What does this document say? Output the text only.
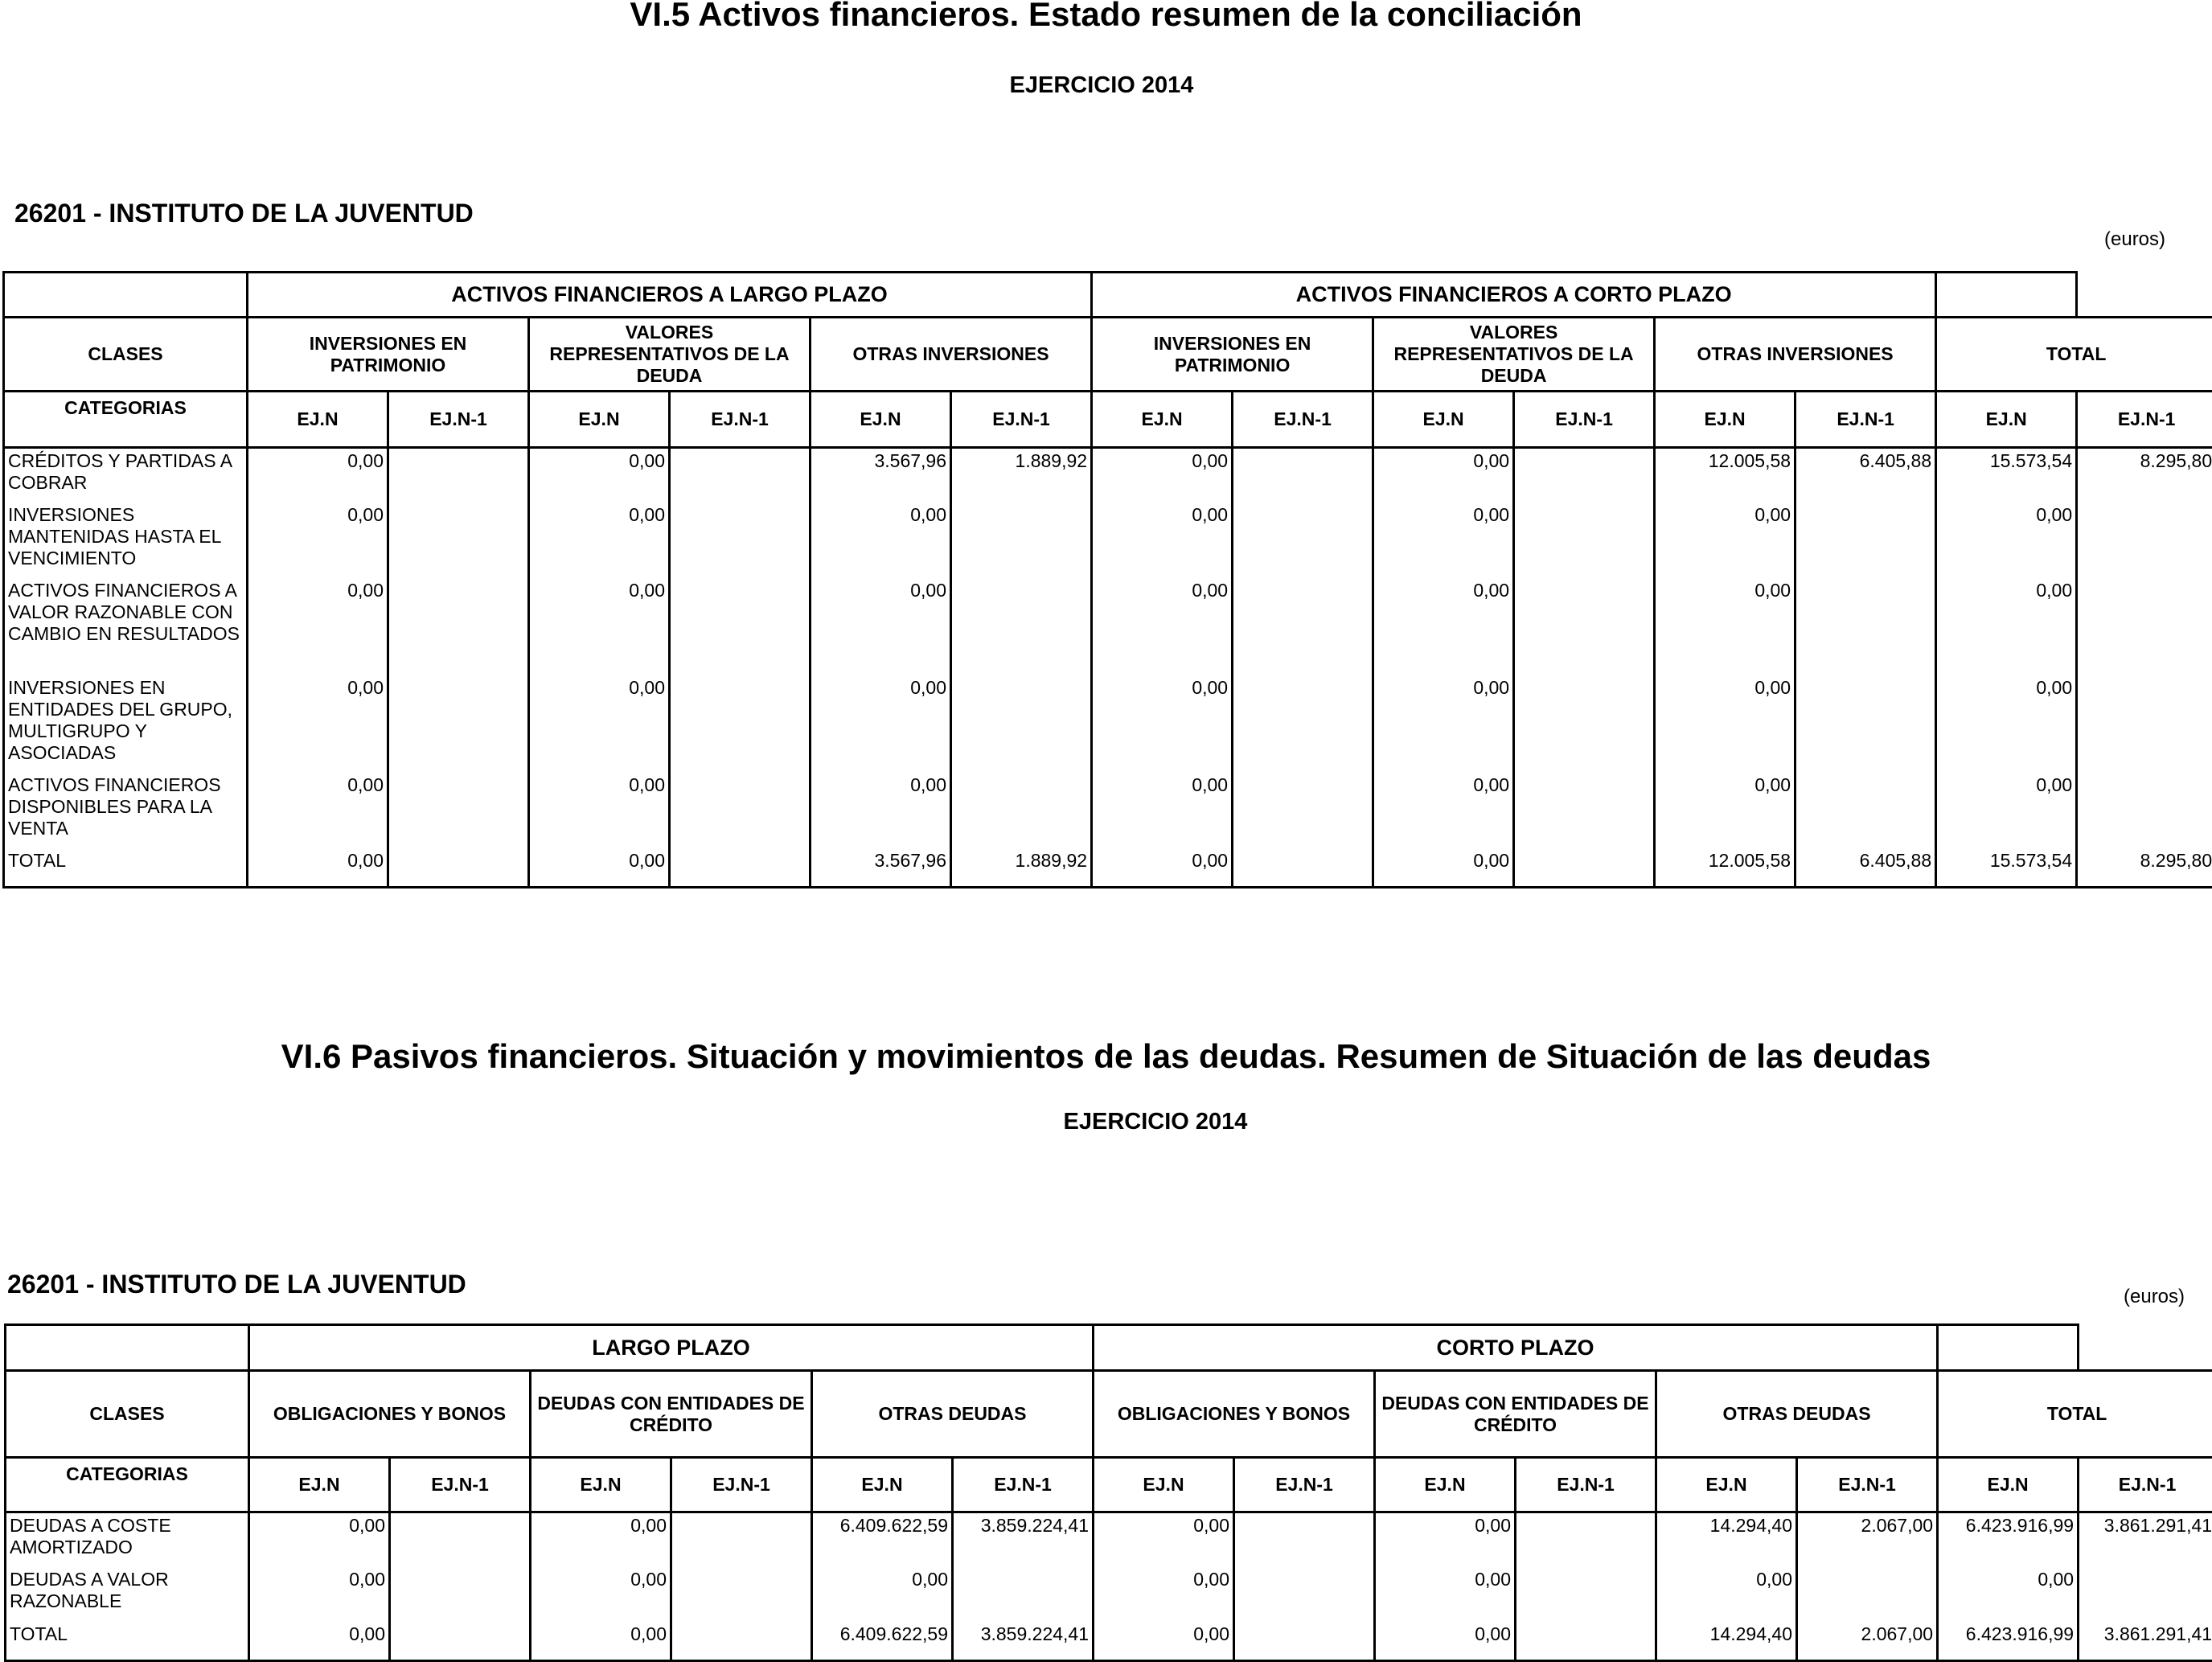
VI.5 Activos financieros. Estado resumen de la conciliación
EJERCICIO 2014
26201 - INSTITUTO DE LA JUVENTUD
(euros)
	ACTIVOS FINANCIEROS A LARGO PLAZO						ACTIVOS FINANCIEROS A CORTO PLAZO							
CLASES	INVERSIONES EN PATRIMONIO		VALORES REPRESENTATIVOS DE LA DEUDA		OTRAS INVERSIONES		INVERSIONES EN PATRIMONIO		VALORES REPRESENTATIVOS DE LA DEUDA		OTRAS INVERSIONES		TOTAL	
CATEGORIAS	EJ.N	EJ.N-1	EJ.N	EJ.N-1	EJ.N	EJ.N-1	EJ.N	EJ.N-1	EJ.N	EJ.N-1	EJ.N	EJ.N-1	EJ.N	EJ.N-1
CRÉDITOS Y PARTIDAS A COBRAR	0,00		0,00		3.567,96	1.889,92	0,00		0,00		12.005,58	6.405,88	15.573,54	8.295,80
INVERSIONES MANTENIDAS HASTA EL VENCIMIENTO	0,00		0,00		0,00		0,00		0,00		0,00		0,00	
ACTIVOS FINANCIEROS A VALOR RAZONABLE CON CAMBIO EN RESULTADOS	0,00		0,00		0,00		0,00		0,00		0,00		0,00	
INVERSIONES EN ENTIDADES DEL GRUPO, MULTIGRUPO Y ASOCIADAS	0,00		0,00		0,00		0,00		0,00		0,00		0,00	
ACTIVOS FINANCIEROS DISPONIBLES PARA LA VENTA	0,00		0,00		0,00		0,00		0,00		0,00		0,00	
TOTAL	0,00		0,00		3.567,96	1.889,92	0,00		0,00		12.005,58	6.405,88	15.573,54	8.295,80
VI.6 Pasivos financieros. Situación y movimientos de las deudas. Resumen de Situación de las deudas
EJERCICIO 2014
26201 - INSTITUTO DE LA JUVENTUD	(euros)
	LARGO PLAZO						CORTO PLAZO							
CLASES	OBLIGACIONES Y BONOS		DEUDAS CON ENTIDADES DE CRÉDITO		OTRAS DEUDAS		OBLIGACIONES Y BONOS		DEUDAS CON ENTIDADES DE CRÉDITO		OTRAS DEUDAS		TOTAL	
CATEGORIAS	EJ.N	EJ.N-1	EJ.N	EJ.N-1	EJ.N	EJ.N-1	EJ.N	EJ.N-1	EJ.N	EJ.N-1	EJ.N	EJ.N-1	EJ.N	EJ.N-1
DEUDAS A COSTE AMORTIZADO	0,00		0,00		6.409.622,59	3.859.224,41	0,00		0,00		14.294,40	2.067,00	6.423.916,99	3.861.291,41
DEUDAS A VALOR RAZONABLE	0,00		0,00		0,00		0,00		0,00		0,00		0,00	
TOTAL	0,00		0,00		6.409.622,59	3.859.224,41	0,00		0,00		14.294,40	2.067,00	6.423.916,99	3.861.291,41
